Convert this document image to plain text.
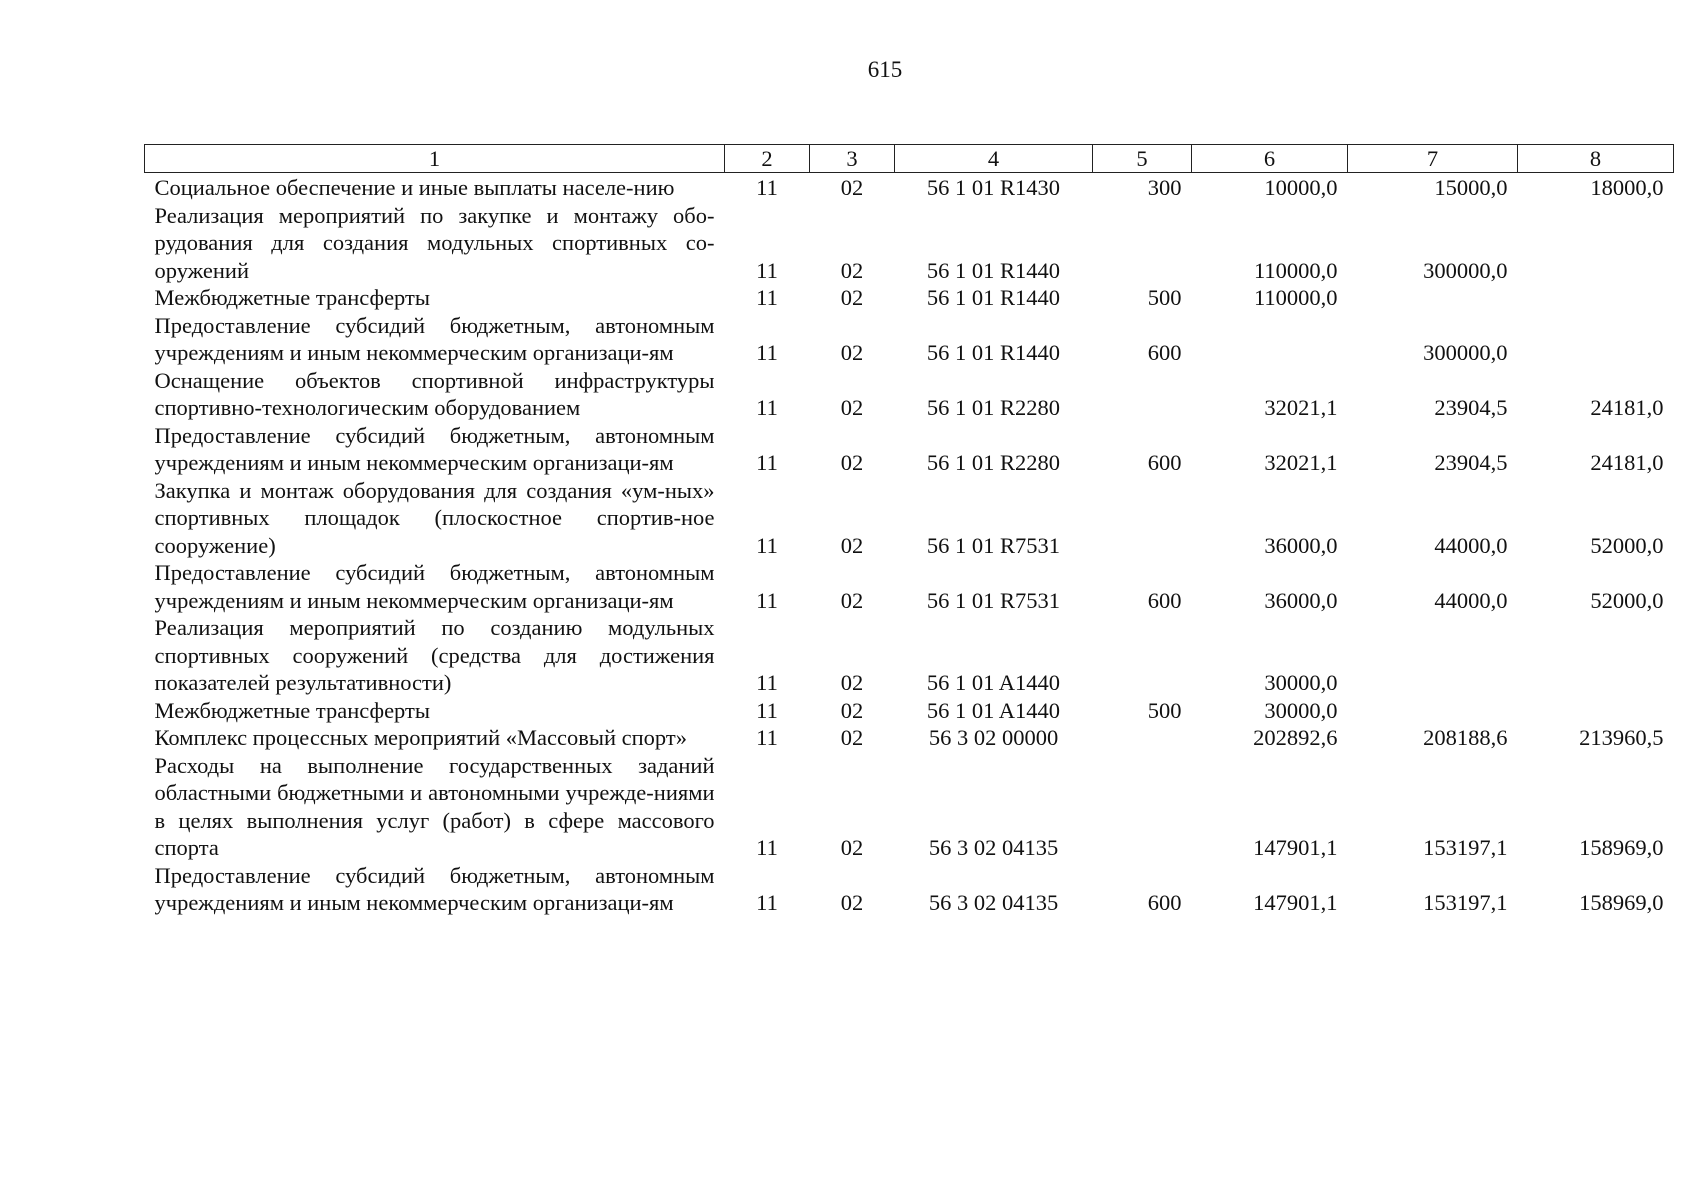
615
1	2	3	4	5	6	7	8
Социальное обеспечение и иные выплаты населе-нию	11	02	56 1 01 R1430	300	10000,0	15000,0	18000,0
Реализация мероприятий по закупке и монтажу обо-рудования для создания модульных спортивных со-оружений	11	02	56 1 01 R1440		110000,0	300000,0	
Межбюджетные трансферты	11	02	56 1 01 R1440	500	110000,0		
Предоставление субсидий бюджетным, автономным учреждениям и иным некоммерческим организаци-ям	11	02	56 1 01 R1440	600		300000,0	
Оснащение объектов спортивной инфраструктуры спортивно-технологическим оборудованием	11	02	56 1 01 R2280		32021,1	23904,5	24181,0
Предоставление субсидий бюджетным, автономным учреждениям и иным некоммерческим организаци-ям	11	02	56 1 01 R2280	600	32021,1	23904,5	24181,0
Закупка и монтаж оборудования для создания «ум-ных» спортивных площадок (плоскостное спортив-ное сооружение)	11	02	56 1 01 R7531		36000,0	44000,0	52000,0
Предоставление субсидий бюджетным, автономным учреждениям и иным некоммерческим организаци-ям	11	02	56 1 01 R7531	600	36000,0	44000,0	52000,0
Реализация мероприятий по созданию модульных спортивных сооружений (средства для достижения показателей результативности)	11	02	56 1 01 A1440		30000,0		
Межбюджетные трансферты	11	02	56 1 01 A1440	500	30000,0		
Комплекс процессных мероприятий «Массовый спорт»	11	02	56 3 02 00000		202892,6	208188,6	213960,5
Расходы на выполнение государственных заданий областными бюджетными и автономными учрежде-ниями в целях выполнения услуг (работ) в сфере массового спорта	11	02	56 3 02 04135		147901,1	153197,1	158969,0
Предоставление субсидий бюджетным, автономным учреждениям и иным некоммерческим организаци-ям	11	02	56 3 02 04135	600	147901,1	153197,1	158969,0
